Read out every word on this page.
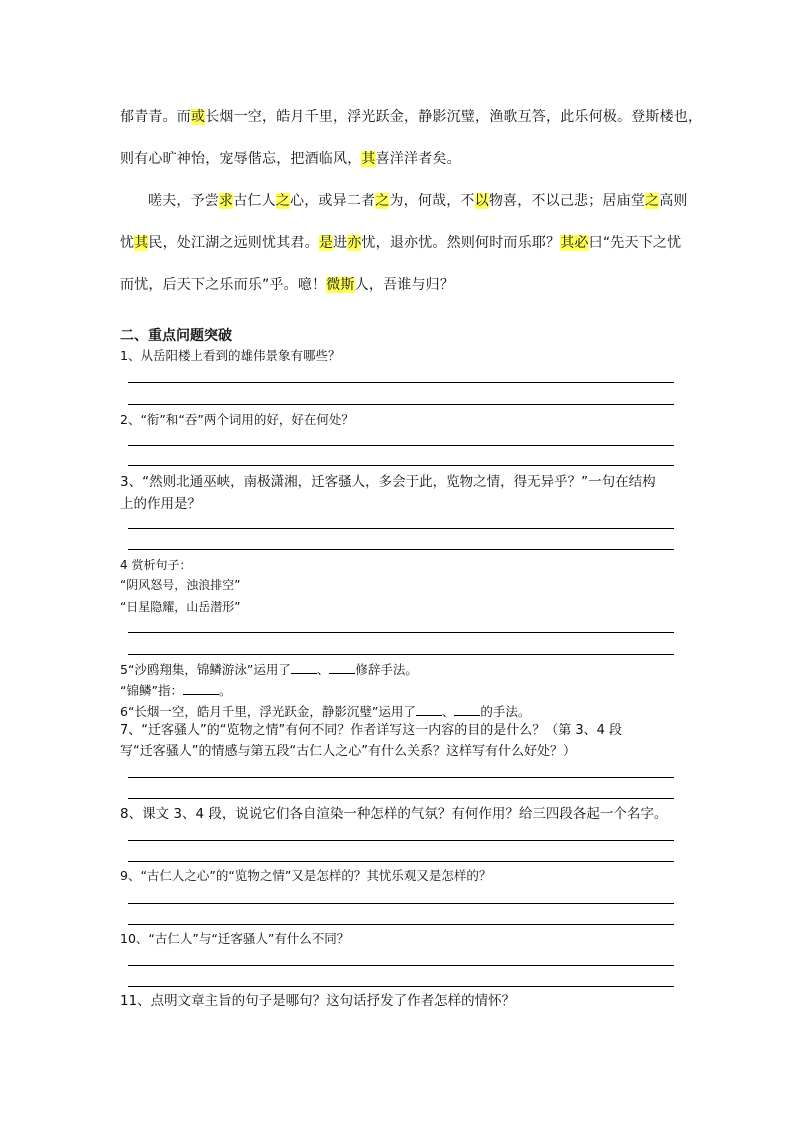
郁青青。而或长烟一空，皓月千里，浮光跃金，静影沉璧，渔歌互答，此乐何极。登斯楼也，
则有心旷神怡，宠辱偕忘，把酒临风，其喜洋洋者矣。
嗟夫，予尝求古仁人之心，或异二者之为，何哉，不以物喜，不以己悲；居庙堂之高则
忧其民，处江湖之远则忧其君。是进亦忧，退亦忧。然则何时而乐耶？其必曰“先天下之忧
而忧，后天下之乐而乐”乎。噫！微斯人，吾谁与归？
二、重点问题突破
1、从岳阳楼上看到的雄伟景象有哪些？
2、“衔”和“吞”两个词用的好，好在何处？
3、“然则北通巫峡，南极潇湘，迁客骚人，多会于此，览物之情，得无异乎？”一句在结构
上的作用是？
4 赏析句子：
“阴风怒号，浊浪排空”
“日星隐耀，山岳潜形”
5“沙鸥翔集，锦鳞游泳”运用了 、 修辞手法。
“锦鳞”指：	。
6“长烟一空，皓月千里，浮光跃金，静影沉璧”运用了 、 的手法。
7、“迁客骚人”的“览物之情”有何不同？作者详写这一内容的目的是什么？（第 3、4 段
写“迁客骚人”的情感与第五段“古仁人之心”有什么关系？这样写有什么好处？）
8、课文 3、4 段，说说它们各自渲染一种怎样的气氛？有何作用？给三四段各起一个名字。
9、“古仁人之心”的“览物之情”又是怎样的？其忧乐观又是怎样的？
10、“古仁人”与“迁客骚人”有什么不同？
11、点明文章主旨的句子是哪句？这句话抒发了作者怎样的情怀？
